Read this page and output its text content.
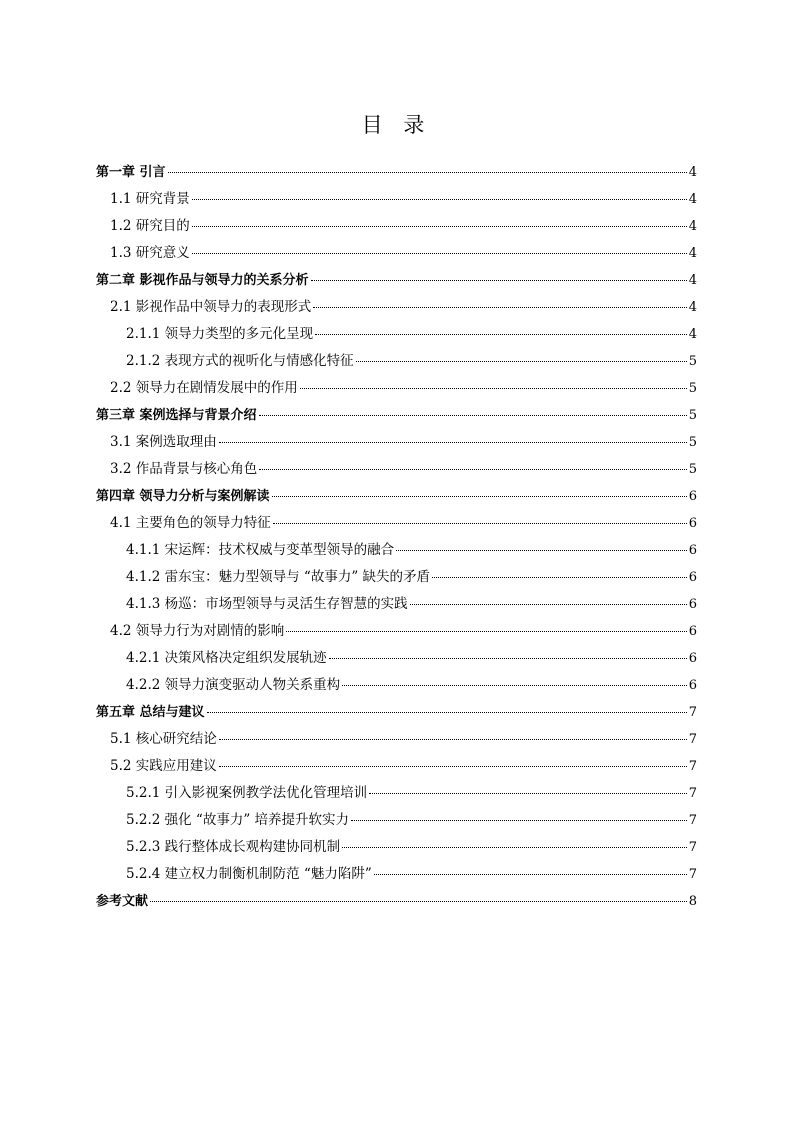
目 录
第一章 引言	4
1.1 研究背景	4
1.2 研究目的	4
1.3 研究意义	4
第二章 影视作品与领导力的关系分析	4
2.1 影视作品中领导力的表现形式	4
2.1.1 领导力类型的多元化呈现	4
2.1.2 表现方式的视听化与情感化特征	5
2.2 领导力在剧情发展中的作用	5
第三章 案例选择与背景介绍	5
3.1 案例选取理由	5
3.2 作品背景与核心角色	5
第四章 领导力分析与案例解读	6
4.1 主要角色的领导力特征	6
4.1.1 宋运辉：技术权威与变革型领导的融合	6
4.1.2 雷东宝：魅力型领导与 “故事力” 缺失的矛盾	6
4.1.3 杨巡：市场型领导与灵活生存智慧的实践	6
4.2 领导力行为对剧情的影响	6
4.2.1 决策风格决定组织发展轨迹	6
4.2.2 领导力演变驱动人物关系重构	6
第五章 总结与建议	7
5.1 核心研究结论	7
5.2 实践应用建议	7
5.2.1 引入影视案例教学法优化管理培训	7
5.2.2 强化 “故事力” 培养提升软实力	7
5.2.3 践行整体成长观构建协同机制	7
5.2.4 建立权力制衡机制防范 “魅力陷阱”	7
参考文献	8
